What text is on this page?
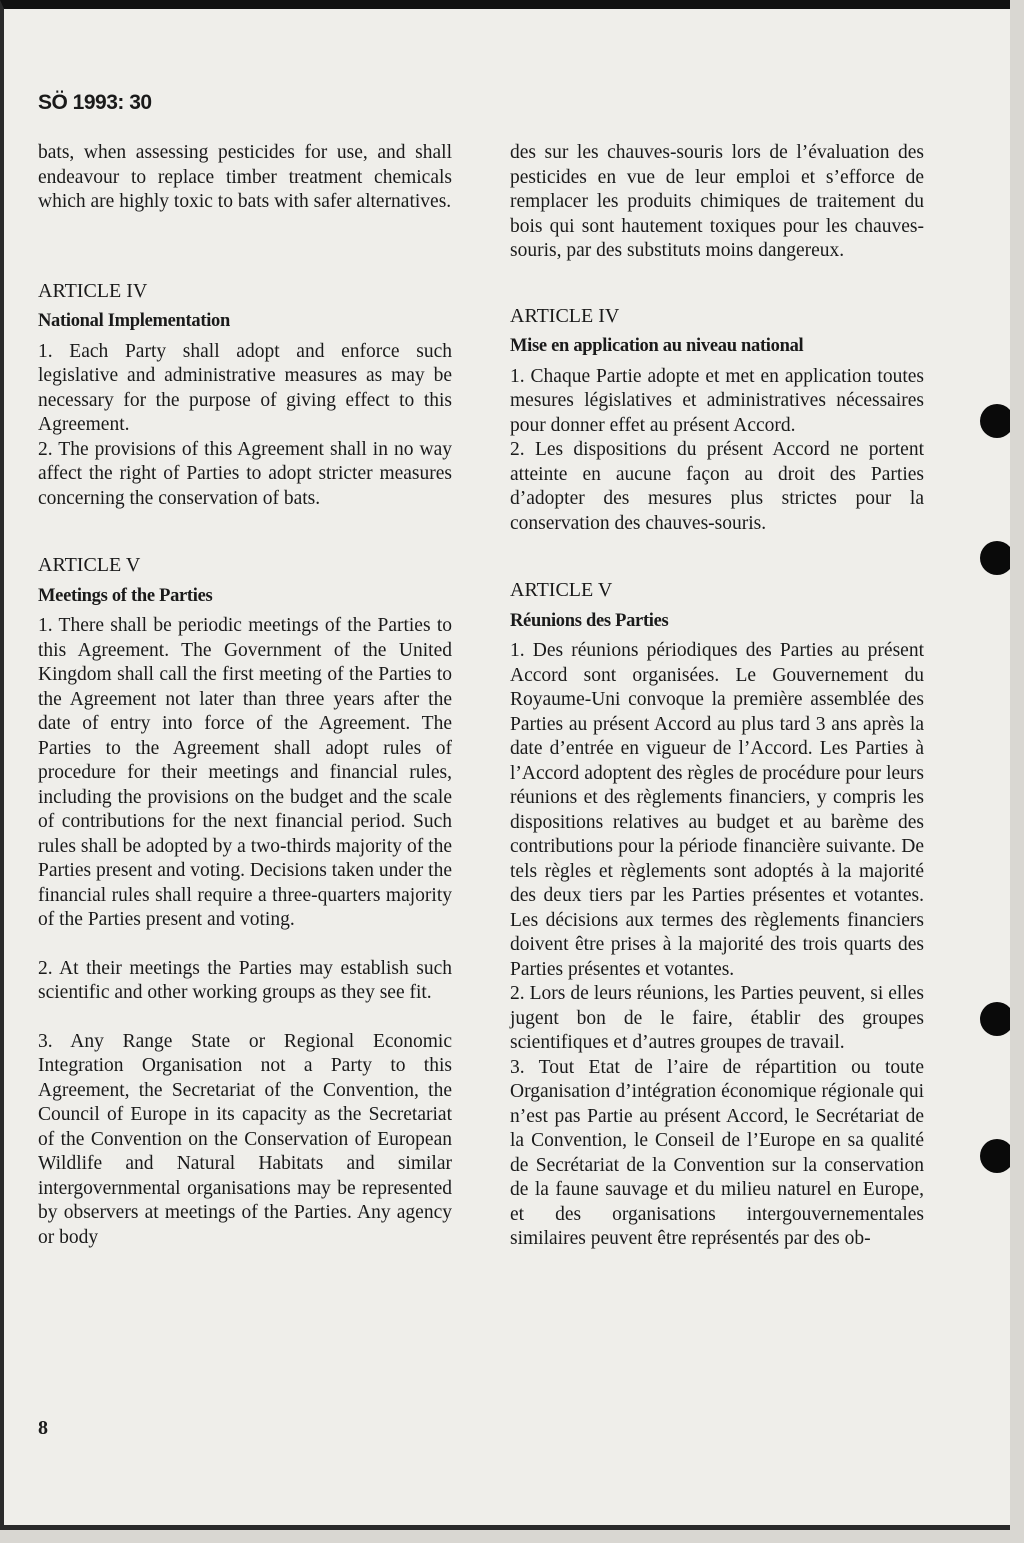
SÖ 1993: 30

bats, when assessing pesticides for use, and shall endeavour to replace timber treatment chemicals which are highly toxic to bats with safer alternatives.

ARTICLE IV
National Implementation

1. Each Party shall adopt and enforce such legislative and administrative measures as may be necessary for the purpose of giving effect to this Agreement.

2. The provisions of this Agreement shall in no way affect the right of Parties to adopt stricter measures concerning the conservation of bats.

ARTICLE V
Meetings of the Parties

1. There shall be periodic meetings of the Parties to this Agreement. The Government of the United Kingdom shall call the first meeting of the Parties to the Agreement not later than three years after the date of entry into force of the Agreement. The Parties to the Agreement shall adopt rules of procedure for their meetings and financial rules, including the provisions on the budget and the scale of contributions for the next financial period. Such rules shall be adopted by a two-thirds majority of the Parties present and voting. Decisions taken under the financial rules shall require a three-quarters majority of the Parties present and voting.

2. At their meetings the Parties may establish such scientific and other working groups as they see fit.

3. Any Range State or Regional Economic Integration Organisation not a Party to this Agreement, the Secretariat of the Convention, the Council of Europe in its capacity as the Secretariat of the Convention on the Conservation of European Wildlife and Natural Habitats and similar intergovernmental organisations may be represented by observers at meetings of the Parties. Any agency or body

des sur les chauves-souris lors de l’évaluation des pesticides en vue de leur emploi et s’efforce de remplacer les produits chimiques de traitement du bois qui sont hautement toxiques pour les chauves-souris, par des substituts moins dangereux.

ARTICLE IV
Mise en application au niveau national

1. Chaque Partie adopte et met en application toutes mesures législatives et administratives nécessaires pour donner effet au présent Accord.

2. Les dispositions du présent Accord ne portent atteinte en aucune façon au droit des Parties d’adopter des mesures plus strictes pour la conservation des chauves-souris.

ARTICLE V
Réunions des Parties

1. Des réunions périodiques des Parties au présent Accord sont organisées. Le Gouvernement du Royaume-Uni convoque la première assemblée des Parties au présent Accord au plus tard 3 ans après la date d’entrée en vigueur de l’Accord. Les Parties à l’Accord adoptent des règles de procédure pour leurs réunions et des règlements financiers, y compris les dispositions relatives au budget et au barème des contributions pour la période financière suivante. De tels règles et règlements sont adoptés à la majorité des deux tiers par les Parties présentes et votantes. Les décisions aux termes des règlements financiers doivent être prises à la majorité des trois quarts des Parties présentes et votantes.

2. Lors de leurs réunions, les Parties peuvent, si elles jugent bon de le faire, établir des groupes scientifiques et d’autres groupes de travail.

3. Tout Etat de l’aire de répartition ou toute Organisation d’intégration économique régionale qui n’est pas Partie au présent Accord, le Secrétariat de la Convention, le Conseil de l’Europe en sa qualité de Secrétariat de la Convention sur la conservation de la faune sauvage et du milieu naturel en Europe, et des organisations intergouvernementales similaires peuvent être représentés par des ob-

8
